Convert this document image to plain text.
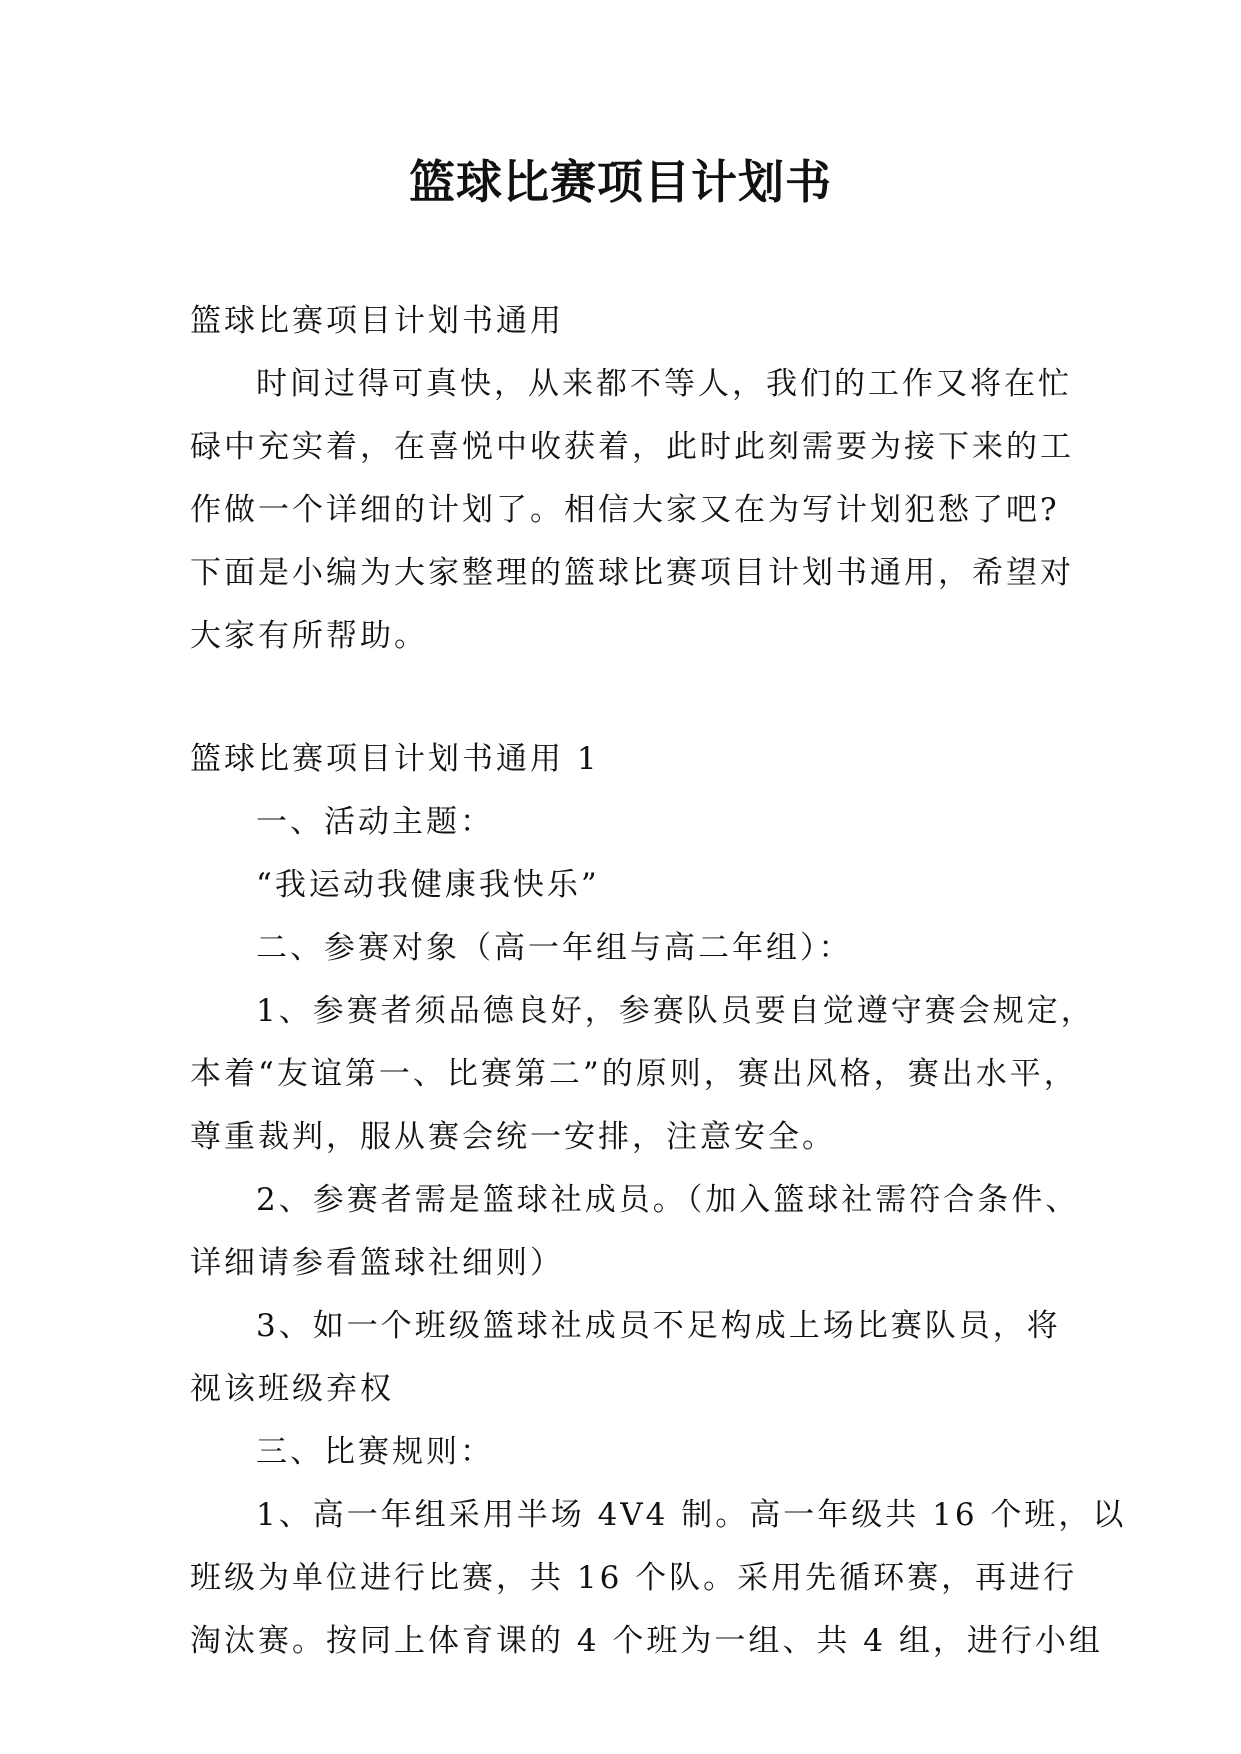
篮球比赛项目计划书
篮球比赛项目计划书通用
时间过得可真快，从来都不等人，我们的工作又将在忙
碌中充实着，在喜悦中收获着，此时此刻需要为接下来的工
作做一个详细的计划了。相信大家又在为写计划犯愁了吧?
下面是小编为大家整理的篮球比赛项目计划书通用，希望对
大家有所帮助。
篮球比赛项目计划书通用 1
一、活动主题：
“我运动我健康我快乐”
二、参赛对象（高一年组与高二年组）：
1、参赛者须品德良好，参赛队员要自觉遵守赛会规定，
本着“友谊第一、比赛第二”的原则，赛出风格，赛出水平，
尊重裁判，服从赛会统一安排，注意安全。
2、参赛者需是篮球社成员。（加入篮球社需符合条件、
详细请参看篮球社细则）
3、如一个班级篮球社成员不足构成上场比赛队员，将
视该班级弃权
三、比赛规则：
1、高一年组采用半场 4V4 制。高一年级共 16 个班，以
班级为单位进行比赛，共 16 个队。采用先循环赛，再进行
淘汰赛。按同上体育课的 4 个班为一组、共 4 组，进行小组
